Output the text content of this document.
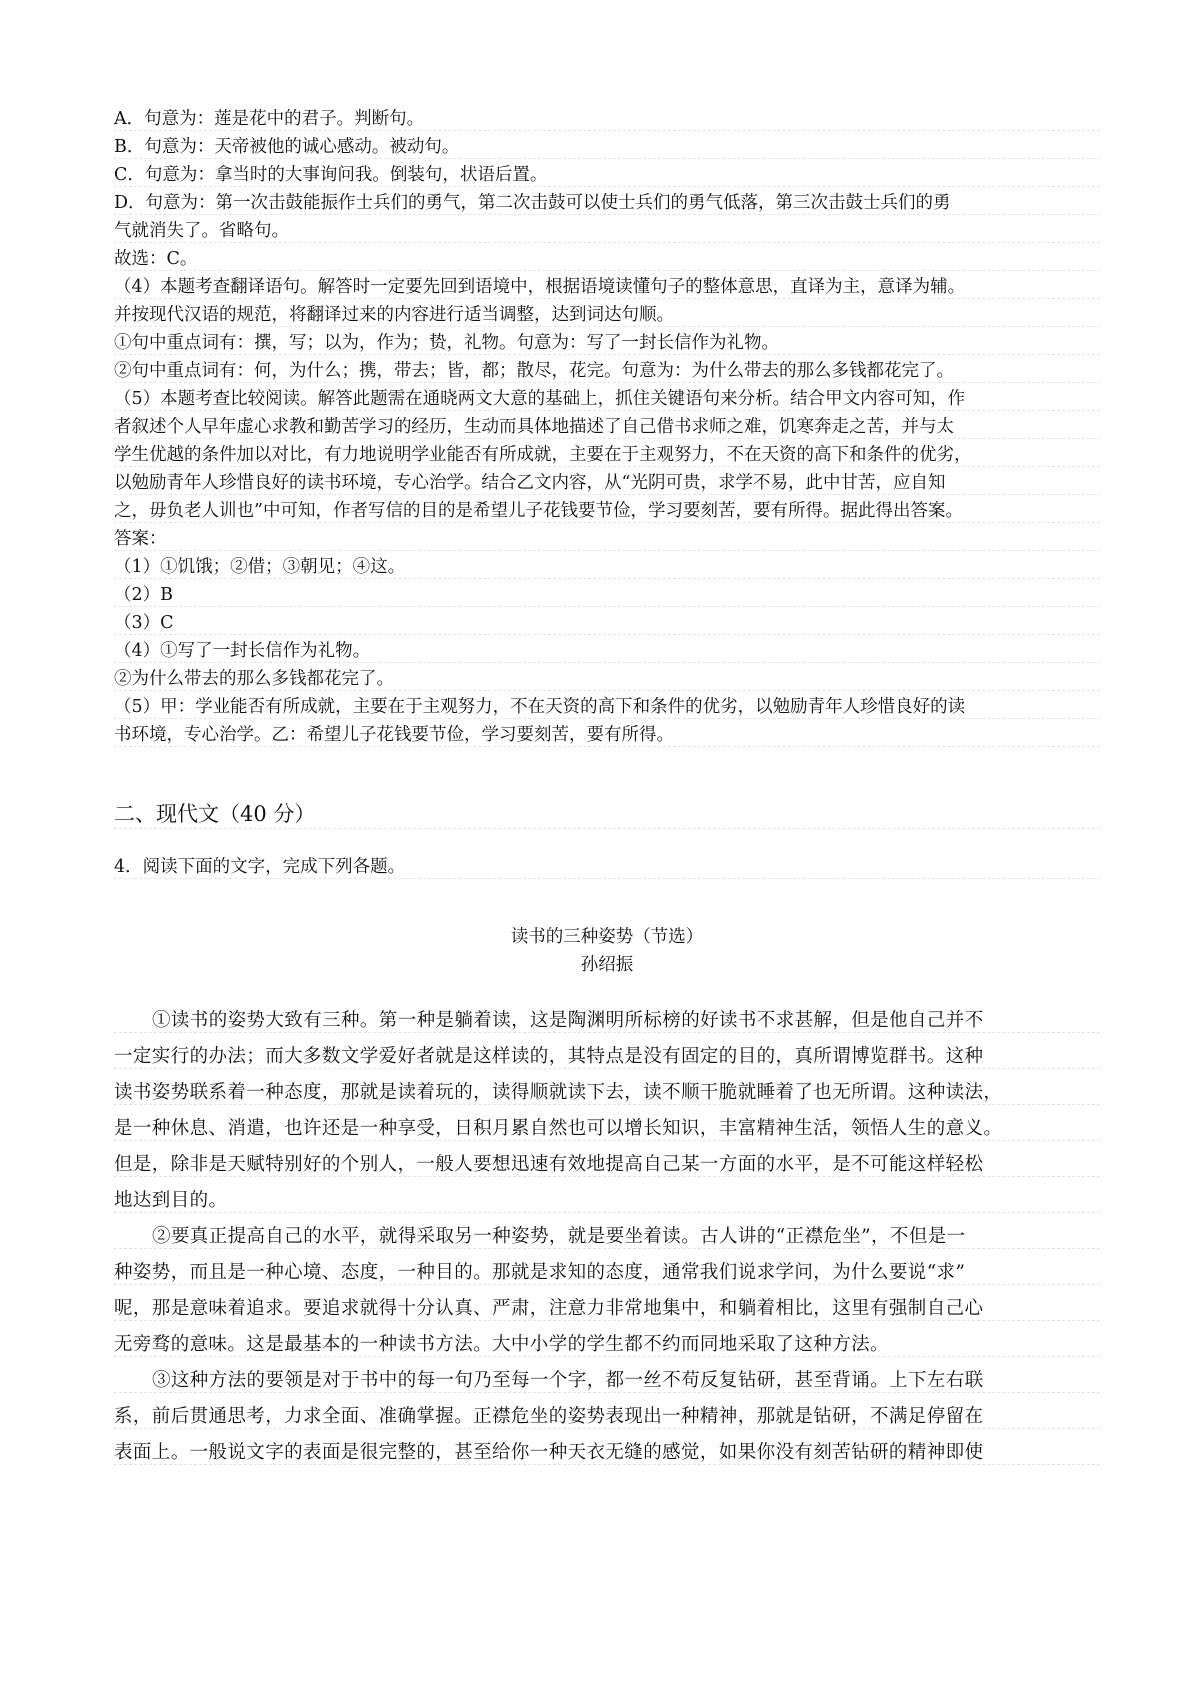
A．句意为：莲是花中的君子。判断句。
B．句意为：天帝被他的诚心感动。被动句。
C．句意为：拿当时的大事询问我。倒装句，状语后置。
D．句意为：第一次击鼓能振作士兵们的勇气，第二次击鼓可以使士兵们的勇气低落，第三次击鼓士兵们的勇
气就消失了。省略句。
故选：C。
（4）本题考查翻译语句。解答时一定要先回到语境中，根据语境读懂句子的整体意思，直译为主，意译为辅。
并按现代汉语的规范，将翻译过来的内容进行适当调整，达到词达句顺。
①句中重点词有：撰，写；以为，作为；贽，礼物。句意为：写了一封长信作为礼物。
②句中重点词有：何，为什么；携，带去；皆，都；散尽，花完。句意为：为什么带去的那么多钱都花完了。
（5）本题考查比较阅读。解答此题需在通晓两文大意的基础上，抓住关键语句来分析。结合甲文内容可知，作
者叙述个人早年虚心求教和勤苦学习的经历，生动而具体地描述了自己借书求师之难，饥寒奔走之苦，并与太
学生优越的条件加以对比，有力地说明学业能否有所成就，主要在于主观努力，不在天资的高下和条件的优劣，
以勉励青年人珍惜良好的读书环境，专心治学。结合乙文内容，从“光阴可贵，求学不易，此中甘苦，应自知
之，毋负老人训也”中可知，作者写信的目的是希望儿子花钱要节俭，学习要刻苦，要有所得。据此得出答案。
答案：
（1）①饥饿；②借；③朝见；④这。
（2）B
（3）C
（4）①写了一封长信作为礼物。
②为什么带去的那么多钱都花完了。
（5）甲：学业能否有所成就，主要在于主观努力，不在天资的高下和条件的优劣，以勉励青年人珍惜良好的读
书环境，专心治学。乙：希望儿子花钱要节俭，学习要刻苦，要有所得。
二、现代文（40 分）
4．阅读下面的文字，完成下列各题。
读书的三种姿势（节选）
孙绍振
①读书的姿势大致有三种。第一种是躺着读，这是陶渊明所标榜的好读书不求甚解，但是他自己并不
一定实行的办法；而大多数文学爱好者就是这样读的，其特点是没有固定的目的，真所谓博览群书。这种
读书姿势联系着一种态度，那就是读着玩的，读得顺就读下去，读不顺干脆就睡着了也无所谓。这种读法，
是一种休息、消遣，也许还是一种享受，日积月累自然也可以增长知识，丰富精神生活，领悟人生的意义。
但是，除非是天赋特别好的个别人，一般人要想迅速有效地提高自己某一方面的水平，是不可能这样轻松
地达到目的。
②要真正提高自己的水平，就得采取另一种姿势，就是要坐着读。古人讲的“正襟危坐”，不但是一
种姿势，而且是一种心境、态度，一种目的。那就是求知的态度，通常我们说求学问，为什么要说“求”
呢，那是意味着追求。要追求就得十分认真、严肃，注意力非常地集中，和躺着相比，这里有强制自己心
无旁骛的意味。这是最基本的一种读书方法。大中小学的学生都不约而同地采取了这种方法。
③这种方法的要领是对于书中的每一句乃至每一个字，都一丝不苟反复钻研，甚至背诵。上下左右联
系，前后贯通思考，力求全面、准确掌握。正襟危坐的姿势表现出一种精神，那就是钻研，不满足停留在
表面上。一般说文字的表面是很完整的，甚至给你一种天衣无缝的感觉，如果你没有刻苦钻研的精神即使
